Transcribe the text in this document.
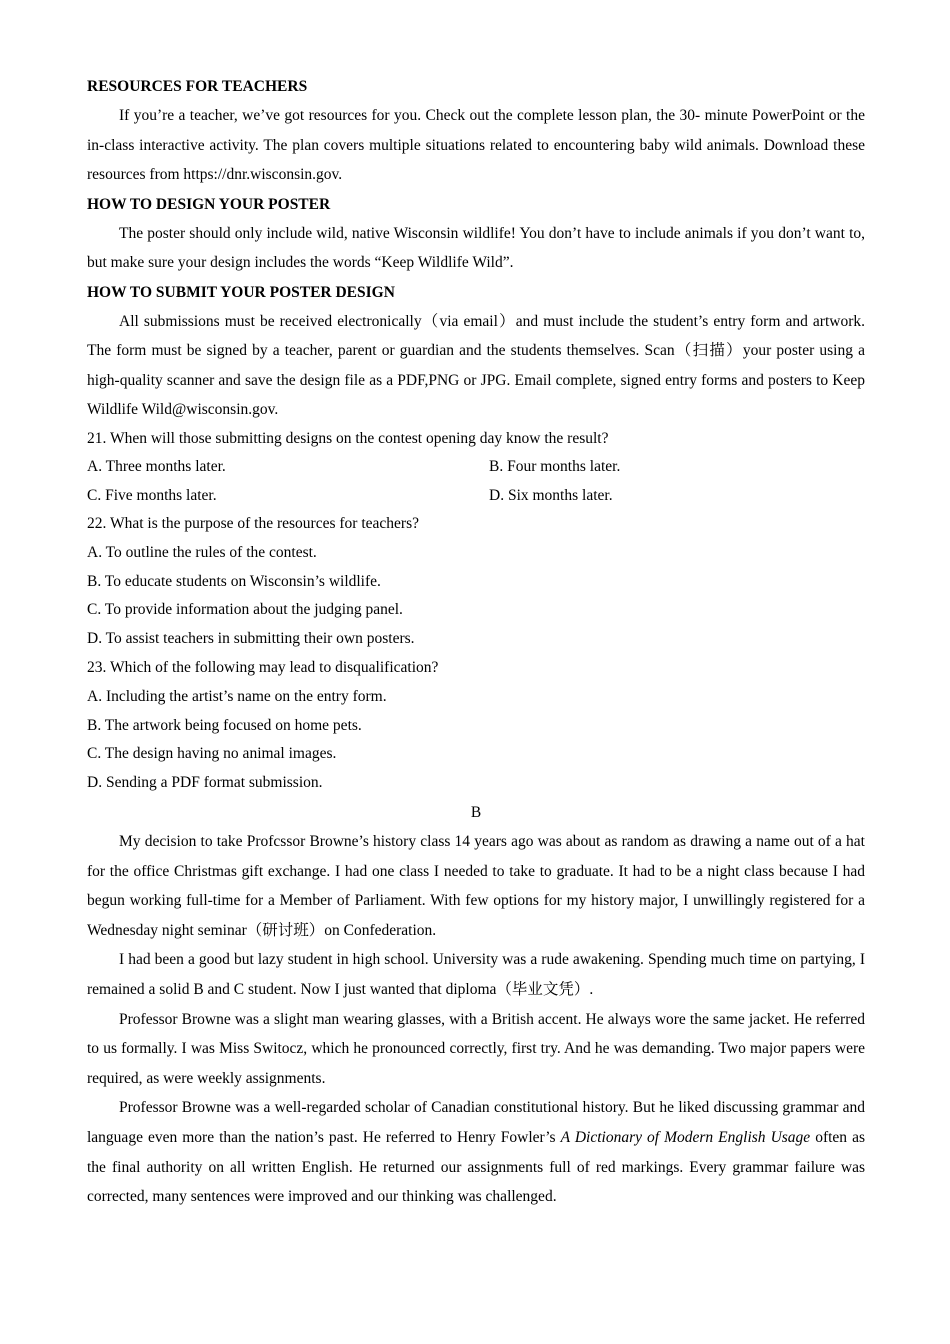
RESOURCES FOR TEACHERS

If you’re a teacher, we’ve got resources for you. Check out the complete lesson plan, the 30- minute PowerPoint or the in-class interactive activity. The plan covers multiple situations related to encountering baby wild animals. Download these resources from https://dnr.wisconsin.gov.

HOW TO DESIGN YOUR POSTER

The poster should only include wild, native Wisconsin wildlife! You don’t have to include animals if you don’t want to, but make sure your design includes the words “Keep Wildlife Wild”.

HOW TO SUBMIT YOUR POSTER DESIGN

All submissions must be received electronically（via email）and must include the student’s entry form and artwork. The form must be signed by a teacher, parent or guardian and the students themselves. Scan（扫描）your poster using a high-quality scanner and save the design file as a PDF,PNG or JPG. Email complete, signed entry forms and posters to Keep Wildlife Wild@wisconsin.gov.

21. When will those submitting designs on the contest opening day know the result?
A. Three months later.	B. Four months later.
C. Five months later.	D. Six months later.
22. What is the purpose of the resources for teachers?
A. To outline the rules of the contest.
B. To educate students on Wisconsin’s wildlife.
C. To provide information about the judging panel.
D. To assist teachers in submitting their own posters.
23. Which of the following may lead to disqualification?
A. Including the artist’s name on the entry form.
B. The artwork being focused on home pets.
C. The design having no animal images.
D. Sending a PDF format submission.
B

My decision to take Profcssor Browne’s history class 14 years ago was about as random as drawing a name out of a hat for the office Christmas gift exchange. I had one class I needed to take to graduate. It had to be a night class because I had begun working full-time for a Member of Parliament. With few options for my history major, I unwillingly registered for a Wednesday night seminar（研讨班）on Confederation.

I had been a good but lazy student in high school. University was a rude awakening. Spending much time on partying, I remained a solid B and C student. Now I just wanted that diploma（毕业文凭）.

Professor Browne was a slight man wearing glasses, with a British accent. He always wore the same jacket. He referred to us formally. I was Miss Switocz, which he pronounced correctly, first try. And he was demanding. Two major papers were required, as were weekly assignments.

Professor Browne was a well-regarded scholar of Canadian constitutional history. But he liked discussing grammar and language even more than the nation’s past. He referred to Henry Fowler’s A Dictionary of Modern English Usage often as the final authority on all written English. He returned our assignments full of red markings. Every grammar failure was corrected, many sentences were improved and our thinking was challenged.
